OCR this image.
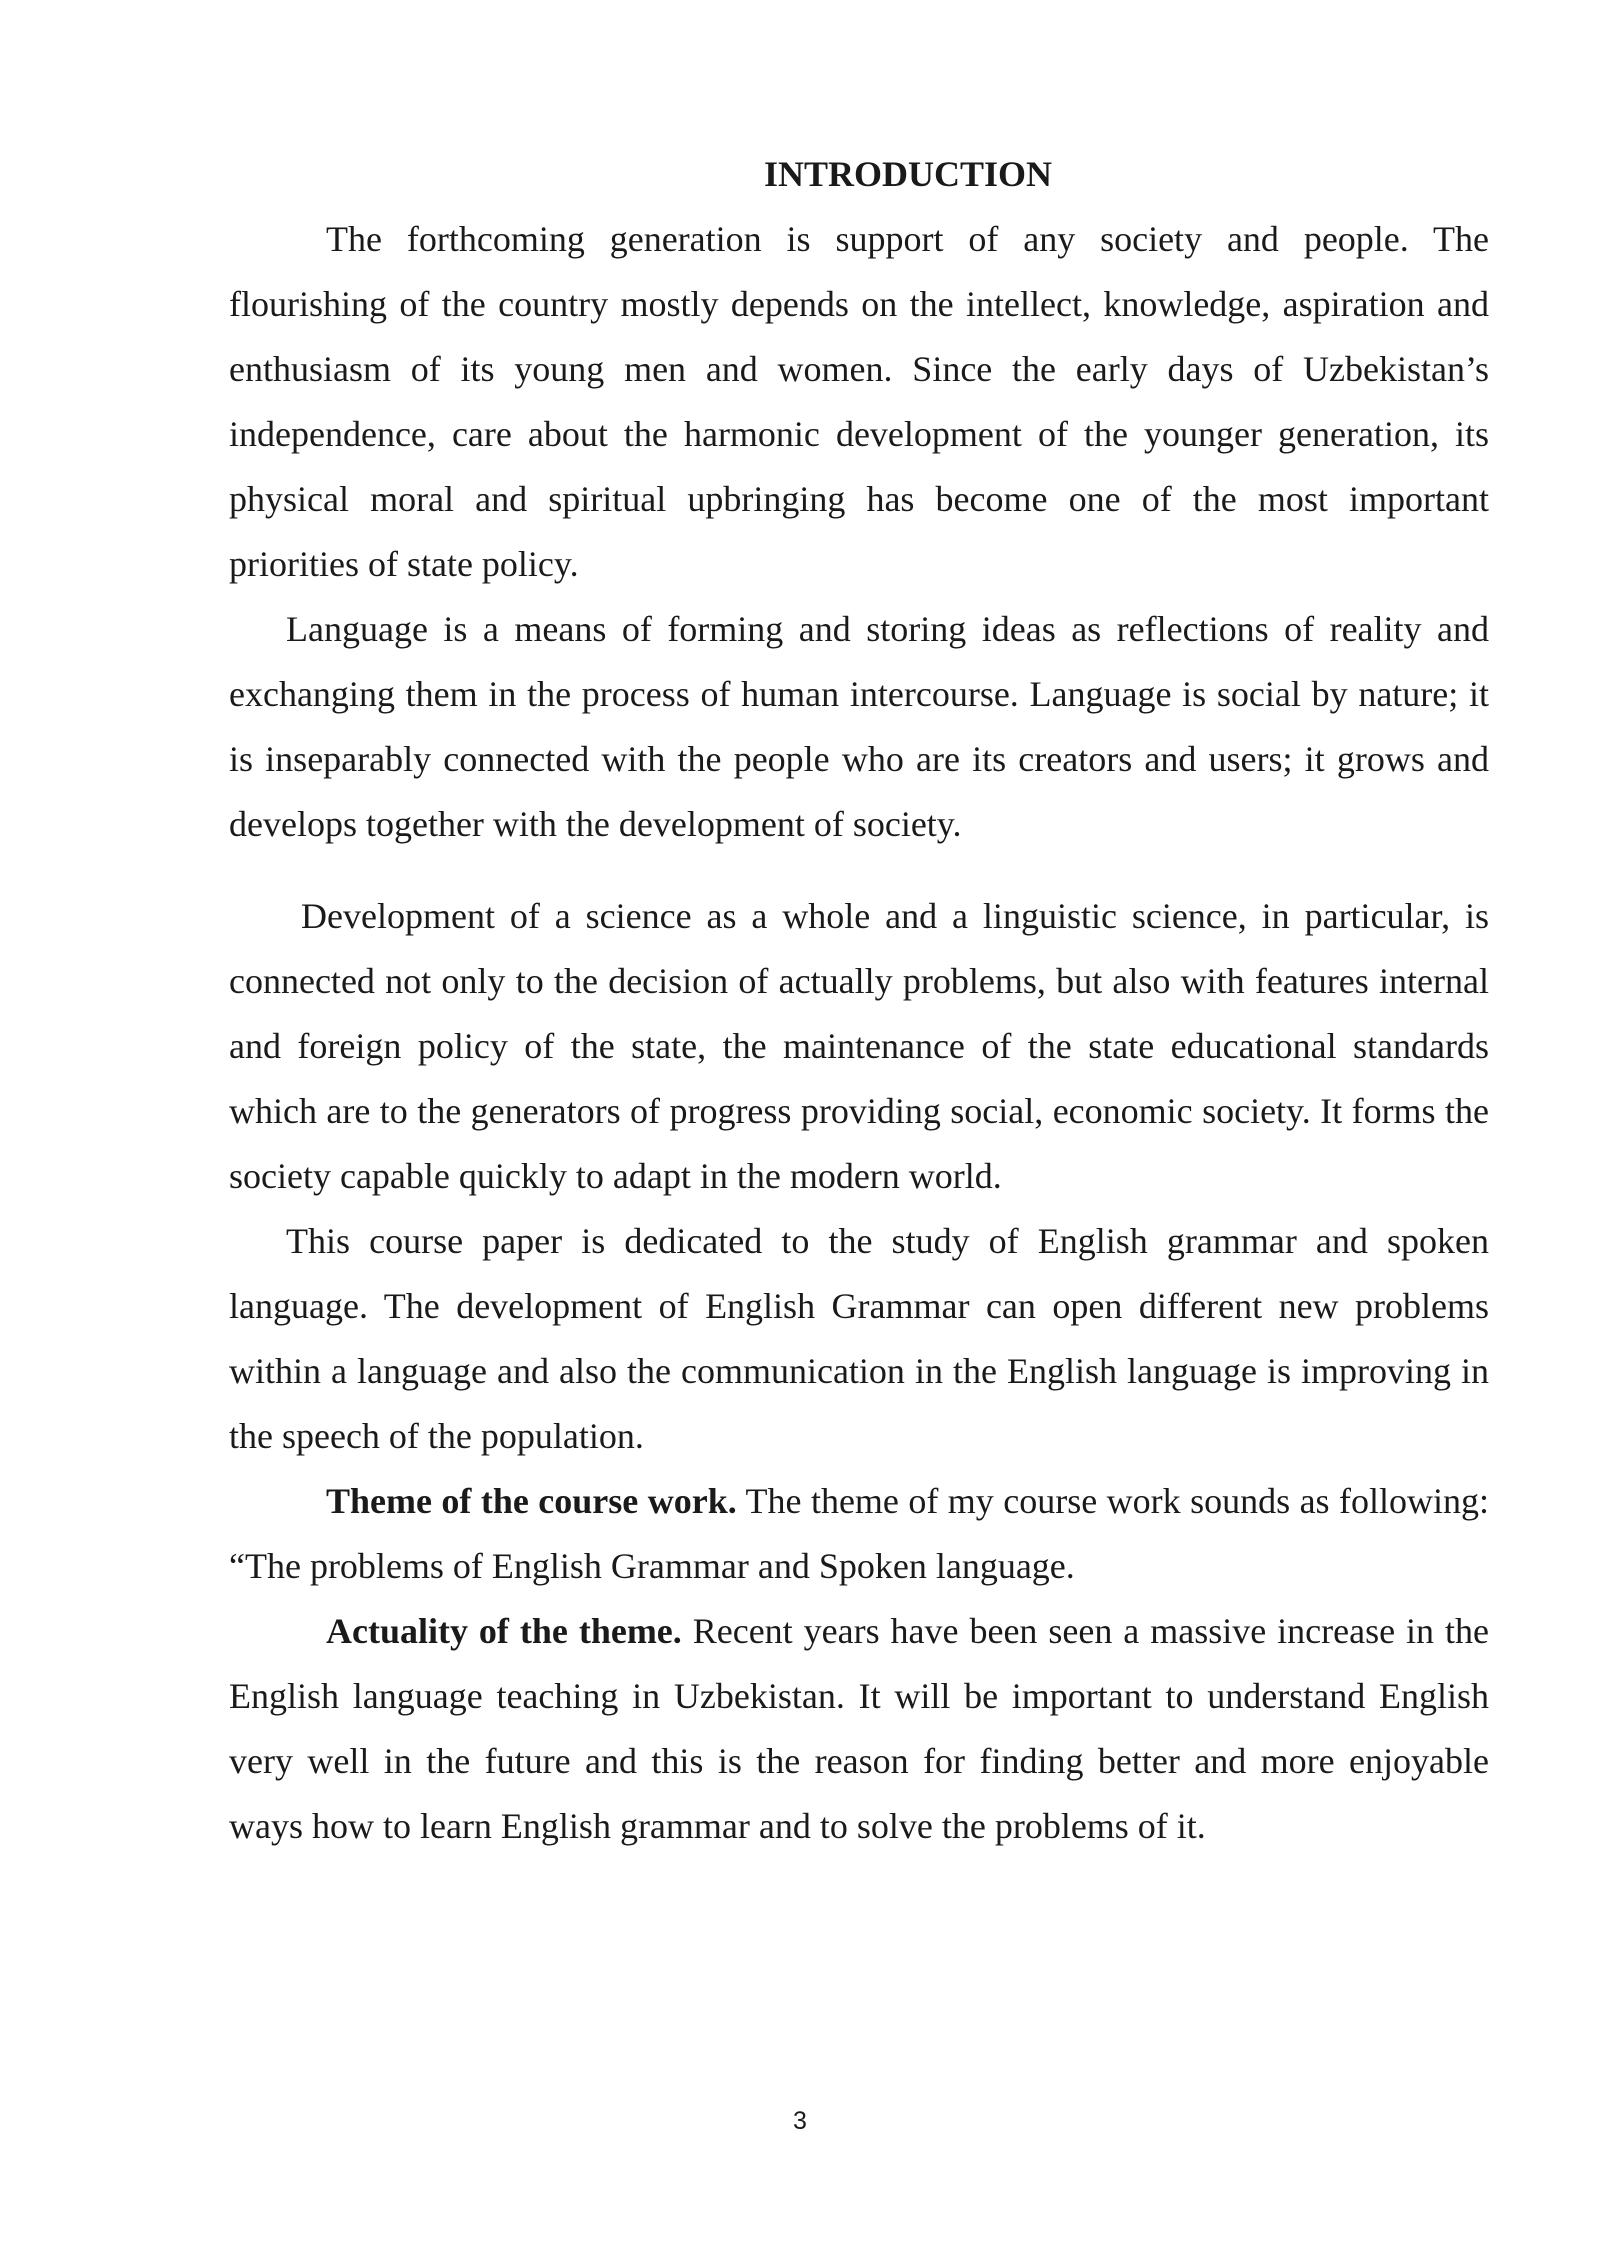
INTRODUCTION

The forthcoming generation is support of any society and people. The flourishing of the country mostly depends on the intellect, knowledge, aspiration and enthusiasm of its young men and women. Since the early days of Uzbekistan’s independence, care about the harmonic development of the younger generation, its physical moral and spiritual upbringing has become one of the most important priorities of state policy.

Language is a means of forming and storing ideas as reflections of reality and exchanging them in the process of human intercourse. Language is social by nature; it is inseparably connected with the people who are its creators and users; it grows and develops together with the development of society.

Development of a science as a whole and a linguistic science, in particular, is connected not only to the decision of actually problems, but also with features internal and foreign policy of the state, the maintenance of the state educational standards which are to the generators of progress providing social, economic society. It forms the society capable quickly to adapt in the modern world.

This course paper is dedicated to the study of English grammar and spoken language. The development of English Grammar can open different new problems within a language and also the communication in the English language is improving in the speech of the population.

Theme of the course work. The theme of my course work sounds as following: “The problems of English Grammar and Spoken language.

Actuality of the theme. Recent years have been seen a massive increase in the English language teaching in Uzbekistan. It will be important to understand English very well in the future and this is the reason for finding better and more enjoyable ways how to learn English grammar and to solve the problems of it.

3
